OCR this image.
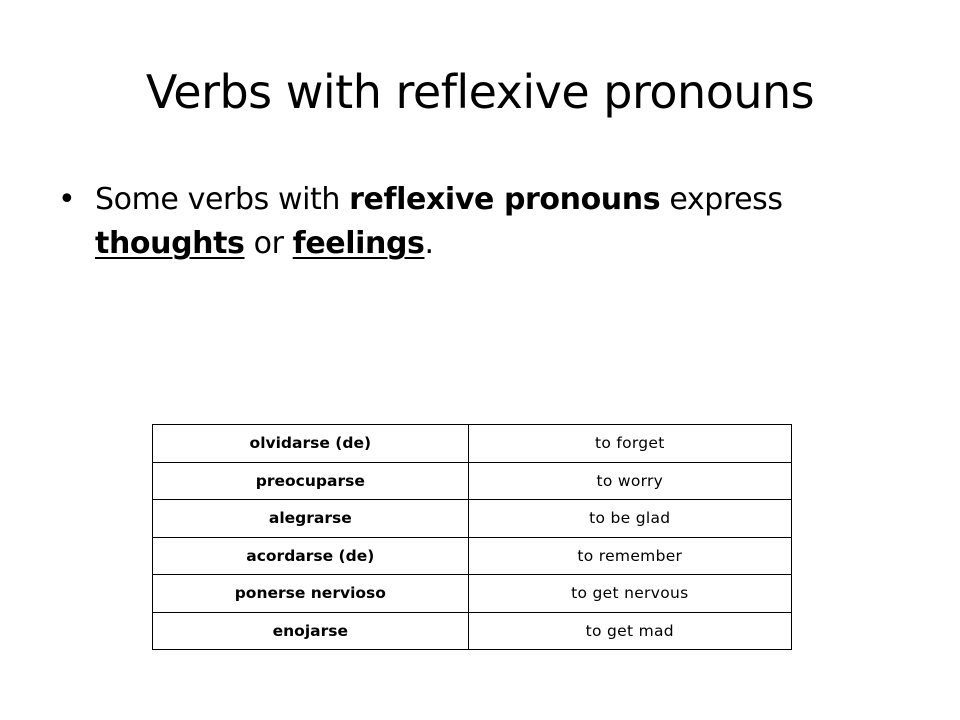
Verbs with reflexive pronouns
• Some verbs with reflexive pronouns express thoughts or feelings.
olvidarse (de)	to forget
preocuparse	to worry
alegrarse	to be glad
acordarse (de)	to remember
ponerse nervioso	to get nervous
enojarse	to get mad
